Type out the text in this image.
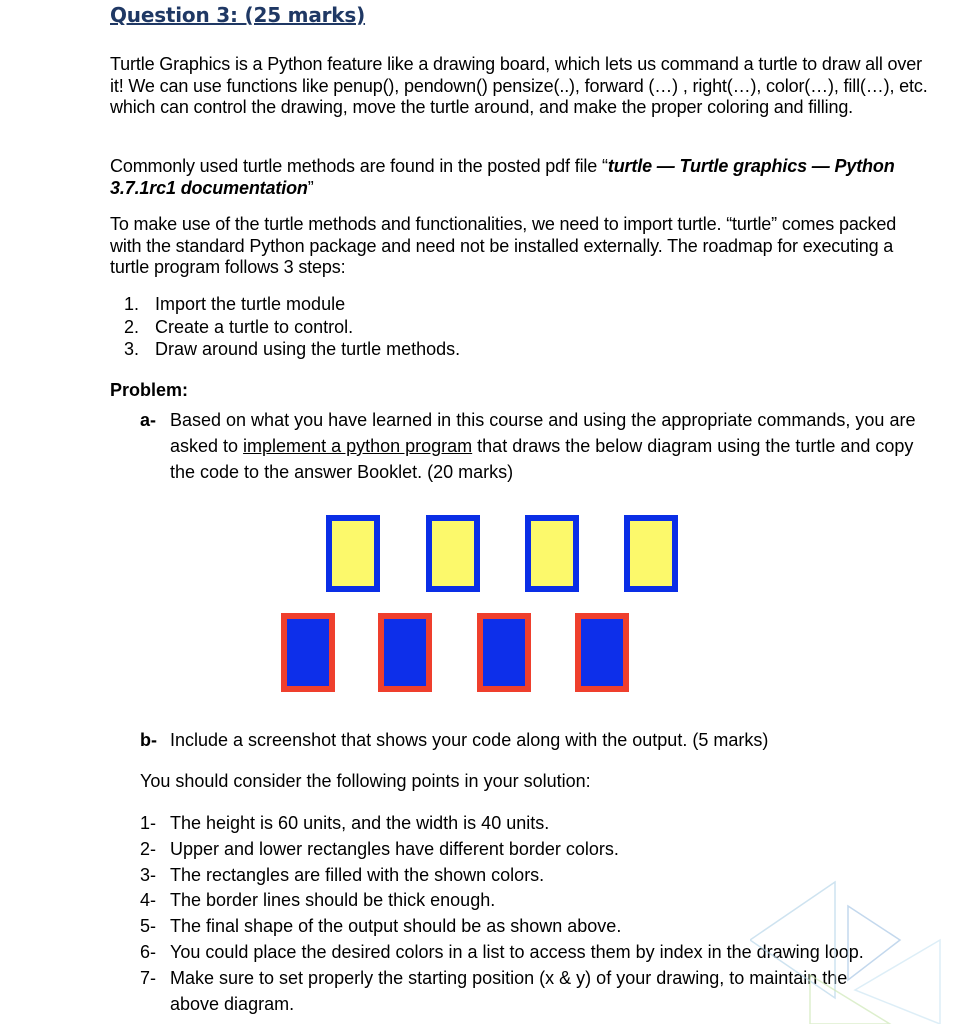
Question 3: (25 marks)
Turtle Graphics is a Python feature like a drawing board, which lets us command a turtle to draw all over it! We can use functions like penup(), pendown() pensize(..), forward (…) , right(…), color(…), fill(…), etc. which can control the drawing, move the turtle around, and make the proper coloring and filling.
Commonly used turtle methods are found in the posted pdf file “turtle — Turtle graphics — Python 3.7.1rc1 documentation”
To make use of the turtle methods and functionalities, we need to import turtle. “turtle” comes packed with the standard Python package and need not be installed externally. The roadmap for executing a turtle program follows 3 steps:
1. Import the turtle module
2. Create a turtle to control.
3. Draw around using the turtle methods.
Problem:
a- Based on what you have learned in this course and using the appropriate commands, you are asked to implement a python program that draws the below diagram using the turtle and copy the code to the answer Booklet. (20 marks)
b- Include a screenshot that shows your code along with the output. (5 marks)
You should consider the following points in your solution:
1- The height is 60 units, and the width is 40 units.
2- Upper and lower rectangles have different border colors.
3- The rectangles are filled with the shown colors.
4- The border lines should be thick enough.
5- The final shape of the output should be as shown above.
6- You could place the desired colors in a list to access them by index in the drawing loop.
7- Make sure to set properly the starting position (x & y) of your drawing, to maintain the
above diagram.
